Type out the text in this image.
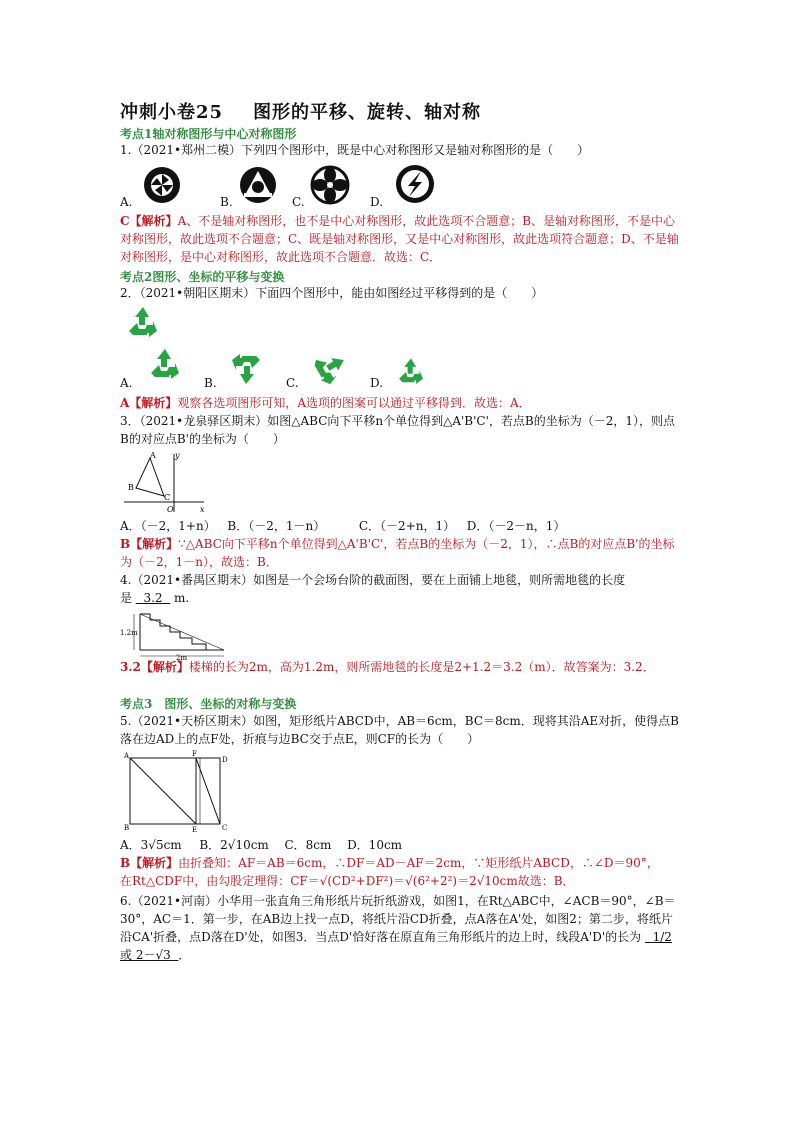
冲刺小卷25 图形的平移、旋转、轴对称
考点1轴对称图形与中心对称图形
1.（2021•郑州二模）下列四个图形中，既是中心对称图形又是轴对称图形的是（　　）
A.	B.	C.	D.
C【解析】A、不是轴对称图形，也不是中心对称图形，故此选项不合题意；B、是轴对称图形，不是中心对称图形，故此选项不合题意；C、既是轴对称图形，又是中心对称图形，故此选项符合题意；D、不是轴对称图形，是中心对称图形，故此选项不合题意．故选：C．
考点2图形、坐标的平移与变换
2．（2021•朝阳区期末）下面四个图形中，能由如图经过平移得到的是（　　）
A.	B.	C.	D.
A【解析】观察各选项图形可知，A选项的图案可以通过平移得到．故选：A．
3．（2021•龙泉驿区期末）如图△ABC向下平移n个单位得到△A'B'C'，若点B的坐标为（－2，1），则点B的对应点B'的坐标为（　　）
y
x
O
A
B
C
A．（－2，1+n） B．（－2，1－n）	C．（－2+n，1） D．（－2－n，1）
B【解析】∵△ABC向下平移n个单位得到△A'B'C'，若点B的坐标为（－2，1），∴点B的对应点B'的坐标为（－2，1－n），故选：B．
4.（2021•番禺区期末）如图是一个会场台阶的截面图，要在上面铺上地毯，则所需地毯的长度是 3.2 m.
1.2m
2m
3.2【解析】楼梯的长为2m，高为1.2m，则所需地毯的长度是2+1.2＝3.2（m）．故答案为：3.2．
考点3　图形、坐标的对称与变换
5.（2021•天桥区期末）如图，矩形纸片ABCD中，AB＝6cm，BC＝8cm．现将其沿AE对折，使得点B落在边AD上的点F处，折痕与边BC交于点E，则CF的长为（　　）
A	F
D
B	E	C
A．3√5cm B．2√10cm C．8cm D．10cm
B【解析】由折叠知：AF＝AB＝6cm，∴DF＝AD－AF＝2cm，∵矩形纸片ABCD，∴∠D＝90°，
在Rt△CDF中，由勾股定理得：CF＝√(CD²+DF²)＝√(6²+2²)＝2√10cm故选：B．
6.（2021•河南）小华用一张直角三角形纸片玩折纸游戏，如图1，在Rt△ABC中，∠ACB＝90°，∠B＝30°，AC＝1．第一步，在AB边上找一点D，将纸片沿CD折叠，点A落在A'处，如图2；第二步，将纸片沿CA'折叠，点D落在D'处，如图3．当点D'恰好落在原直角三角形纸片的边上时，线段A'D'的长为 1/2 或 2－√3 ．
